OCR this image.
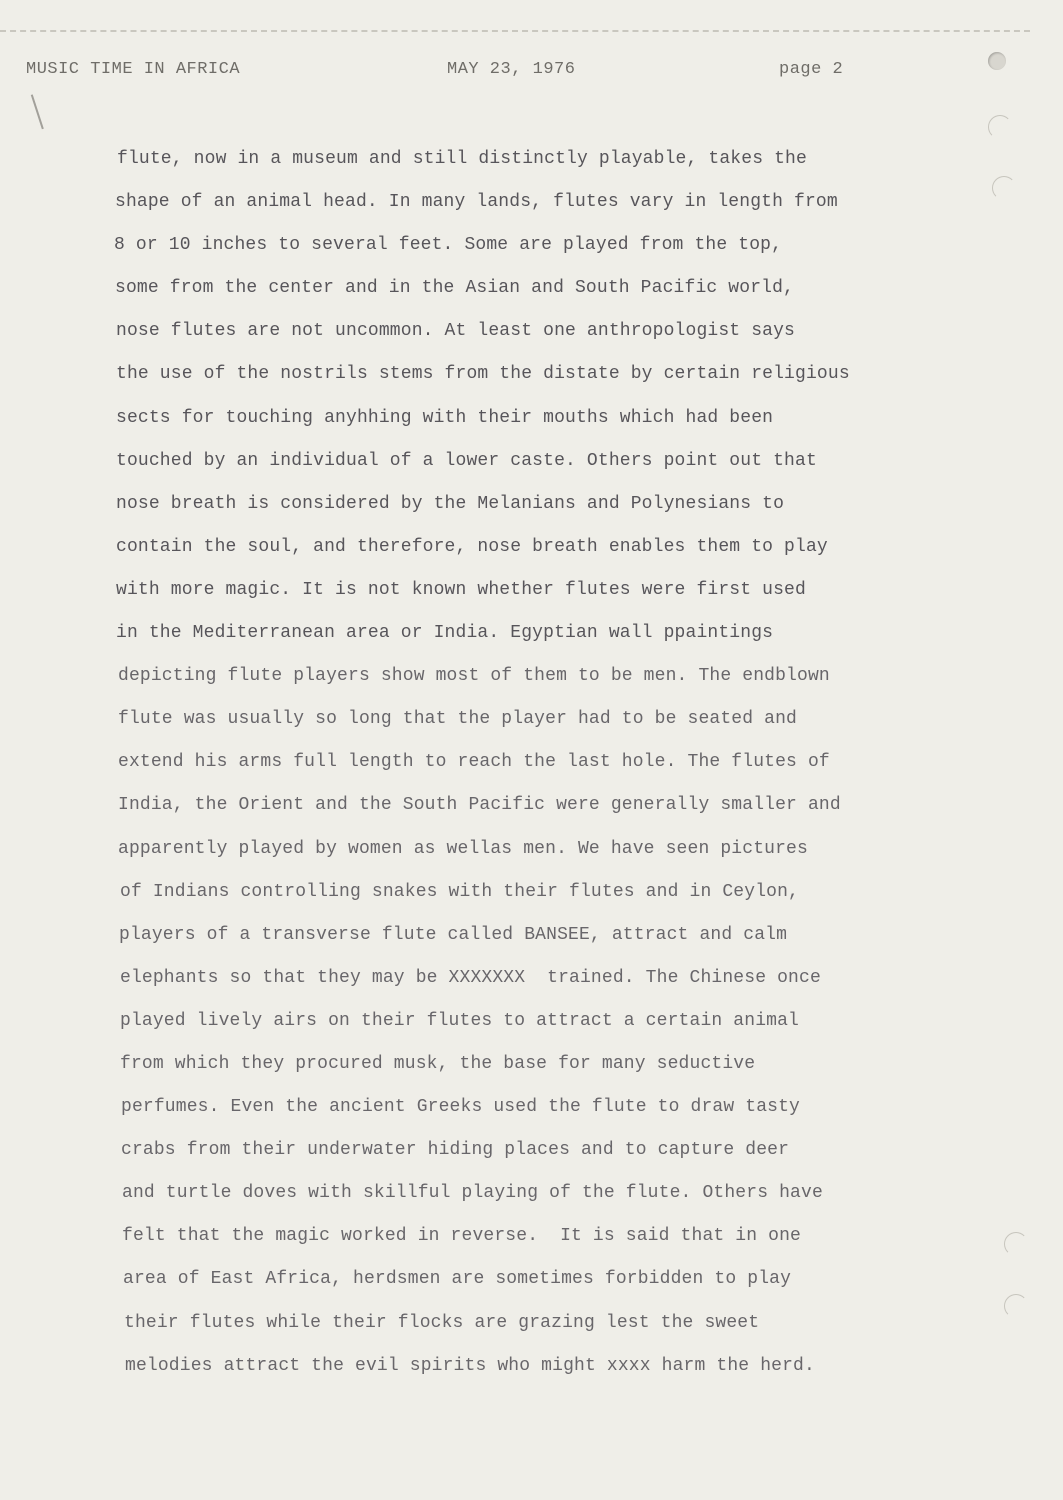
MUSIC TIME IN AFRICA	MAY 23, 1976	page 2
flute, now in a museum and still distinctly playable, takes the
shape of an animal head. In many lands, flutes vary in length from
8 or 10 inches to several feet. Some are played from the top,
some from the center and in the Asian and South Pacific world,
nose flutes are not uncommon. At least one anthropologist says
the use of the nostrils stems from the distate by certain religious
sects for touching anyhhing with their mouths which had been
touched by an individual of a lower caste. Others point out that
nose breath is considered by the Melanians and Polynesians to
contain the soul, and therefore, nose breath enables them to play
with more magic. It is not known whether flutes were first used
in the Mediterranean area or India. Egyptian wall ppaintings
depicting flute players show most of them to be men. The endblown
flute was usually so long that the player had to be seated and
extend his arms full length to reach the last hole. The flutes of
India, the Orient and the South Pacific were generally smaller and
apparently played by women as wellas men. We have seen pictures
of Indians controlling snakes with their flutes and in Ceylon,
players of a transverse flute called BANSEE, attract and calm
elephants so that they may be XXXXXXX  trained. The Chinese once
played lively airs on their flutes to attract a certain animal
from which they procured musk, the base for many seductive
perfumes. Even the ancient Greeks used the flute to draw tasty
crabs from their underwater hiding places and to capture deer
and turtle doves with skillful playing of the flute. Others have
felt that the magic worked in reverse.  It is said that in one
area of East Africa, herdsmen are sometimes forbidden to play
their flutes while their flocks are grazing lest the sweet
melodies attract the evil spirits who might xxxx harm the herd.
